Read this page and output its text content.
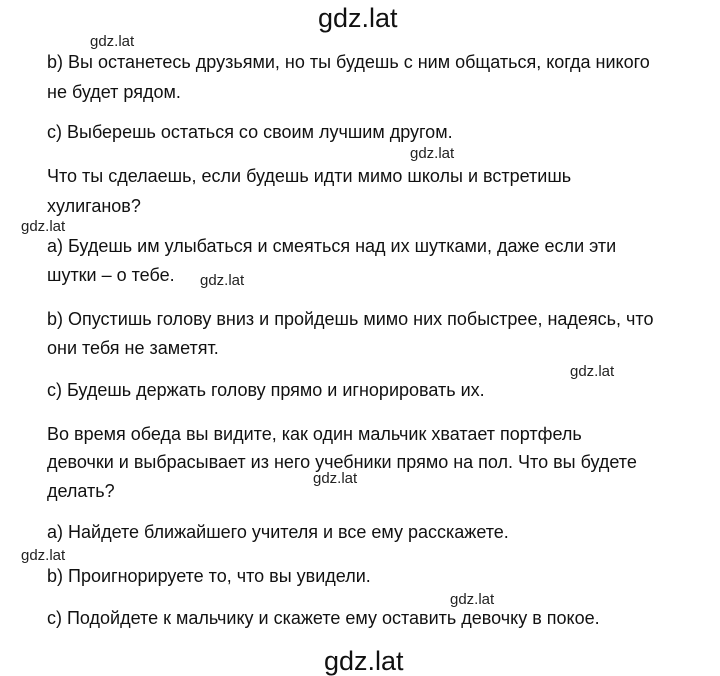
gdz.lat
gdz.lat
b) Вы останетесь друзьями, но ты будешь с ним общаться, когда никого
не будет рядом.
c) Выберешь остаться со своим лучшим другом.
gdz.lat
Что ты сделаешь, если будешь идти мимо школы и встретишь
хулиганов?
gdz.lat
a) Будешь им улыбаться и смеяться над их шутками, даже если эти
шутки – о тебе. gdz.lat
b) Опустишь голову вниз и пройдешь мимо них побыстрее, надеясь, что
они тебя не заметят.
gdz.lat
c) Будешь держать голову прямо и игнорировать их.
Во время обеда вы видите, как один мальчик хватает портфель
девочки и выбрасывает из него учебники прямо на пол. Что вы будете
делать?
gdz.lat
a) Найдете ближайшего учителя и все ему расскажете.
gdz.lat
b) Проигнорируете то, что вы увидели.
gdz.lat
c) Подойдете к мальчику и скажете ему оставить девочку в покое.
gdz.lat
